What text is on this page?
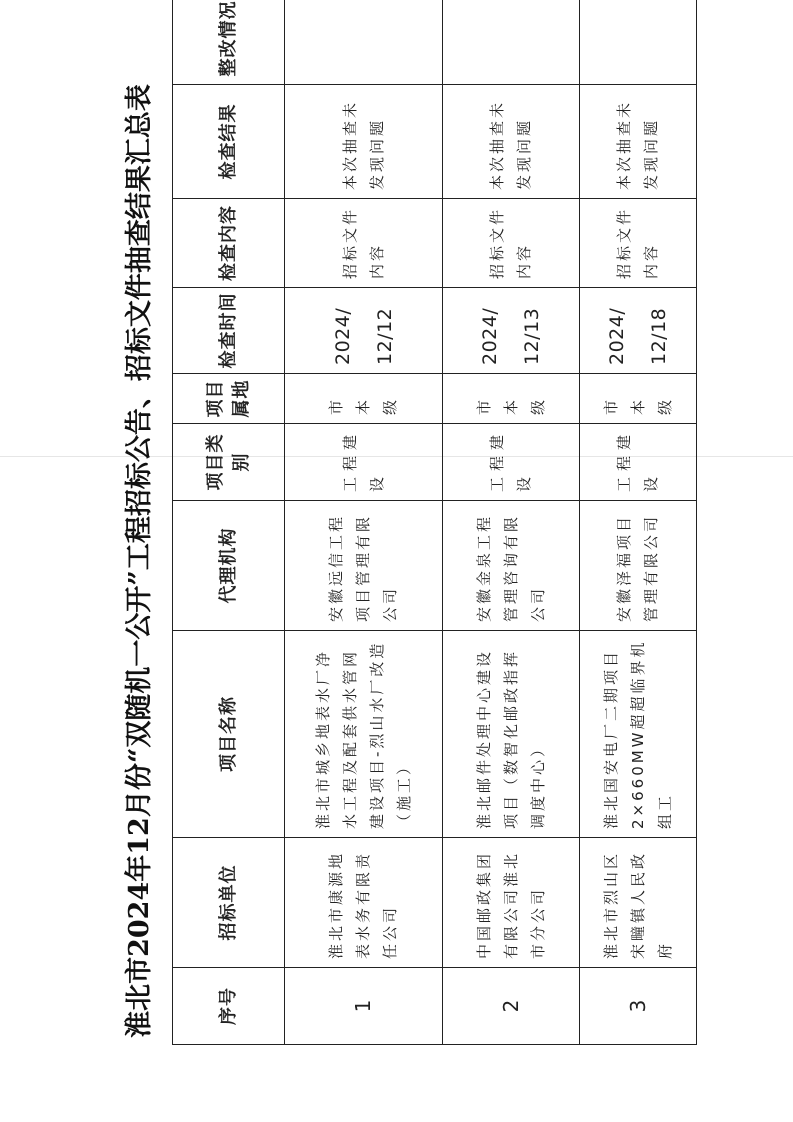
淮北市2024年12月份“双随机一公开”工程招标公告、招标文件抽查结果汇总表	序号	招标单位	项目名称	代理机构	项目类别	项目属地	检查时间	检查内容	检查结果	整改情况
1	淮北市康源地表水务有限责任公司	淮北市城乡地表水厂净水工程及配套供水管网建设项目-烈山水厂改造（施工）	安徽远信工程项目管理有限公司	工程建设	市本级	2024/12/12	招标文件内容	本次抽查未发现问题	
2	中国邮政集团有限公司淮北市分公司	淮北邮件处理中心建设项目（数智化邮政指挥调度中心）	安徽金泉工程管理咨询有限公司	工程建设	市本级	2024/12/13	招标文件内容	本次抽查未发现问题	
3	淮北市烈山区宋疃镇人民政府	淮北国安电厂二期项目2×660MW超超临界机组工	安徽泽福项目管理有限公司	工程建设	市本级	2024/12/18	招标文件内容	本次抽查未发现问题	
